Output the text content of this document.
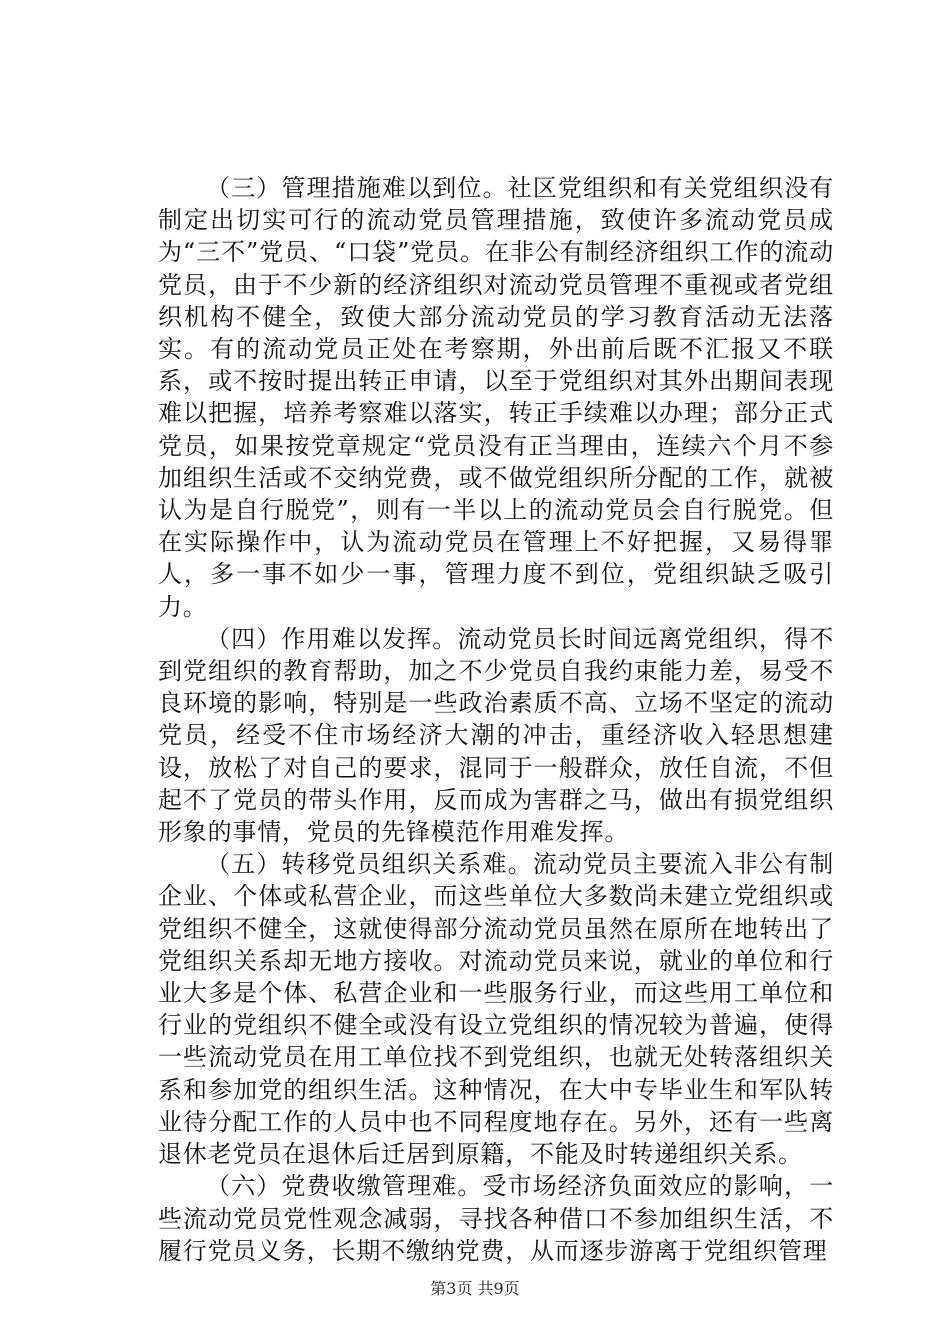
（三）管理措施难以到位。社区党组织和有关党组织没有制定出切实可行的流动党员管理措施，致使许多流动党员成为“三不”党员、“口袋”党员。在非公有制经济组织工作的流动党员，由于不少新的经济组织对流动党员管理不重视或者党组织机构不健全，致使大部分流动党员的学习教育活动无法落实。有的流动党员正处在考察期，外出前后既不汇报又不联系，或不按时提出转正申请，以至于党组织对其外出期间表现难以把握，培养考察难以落实，转正手续难以办理；部分正式党员，如果按党章规定“党员没有正当理由，连续六个月不参加组织生活或不交纳党费，或不做党组织所分配的工作，就被认为是自行脱党”，则有一半以上的流动党员会自行脱党。但在实际操作中，认为流动党员在管理上不好把握，又易得罪人，多一事不如少一事，管理力度不到位，党组织缺乏吸引力。

（四）作用难以发挥。流动党员长时间远离党组织，得不到党组织的教育帮助，加之不少党员自我约束能力差，易受不良环境的影响，特别是一些政治素质不高、立场不坚定的流动党员，经受不住市场经济大潮的冲击，重经济收入轻思想建设，放松了对自己的要求，混同于一般群众，放任自流，不但起不了党员的带头作用，反而成为害群之马，做出有损党组织形象的事情，党员的先锋模范作用难发挥。

（五）转移党员组织关系难。流动党员主要流入非公有制企业、个体或私营企业，而这些单位大多数尚未建立党组织或党组织不健全，这就使得部分流动党员虽然在原所在地转出了党组织关系却无地方接收。对流动党员来说，就业的单位和行业大多是个体、私营企业和一些服务行业，而这些用工单位和行业的党组织不健全或没有设立党组织的情况较为普遍，使得一些流动党员在用工单位找不到党组织，也就无处转落组织关系和参加党的组织生活。这种情况，在大中专毕业生和军队转业待分配工作的人员中也不同程度地存在。另外，还有一些离退休老党员在退休后迁居到原籍，不能及时转递组织关系。

（六）党费收缴管理难。受市场经济负面效应的影响，一些流动党员党性观念减弱，寻找各种借口不参加组织生活，不履行党员义务，长期不缴纳党费，从而逐步游离于党组织管理

第3页 共9页
